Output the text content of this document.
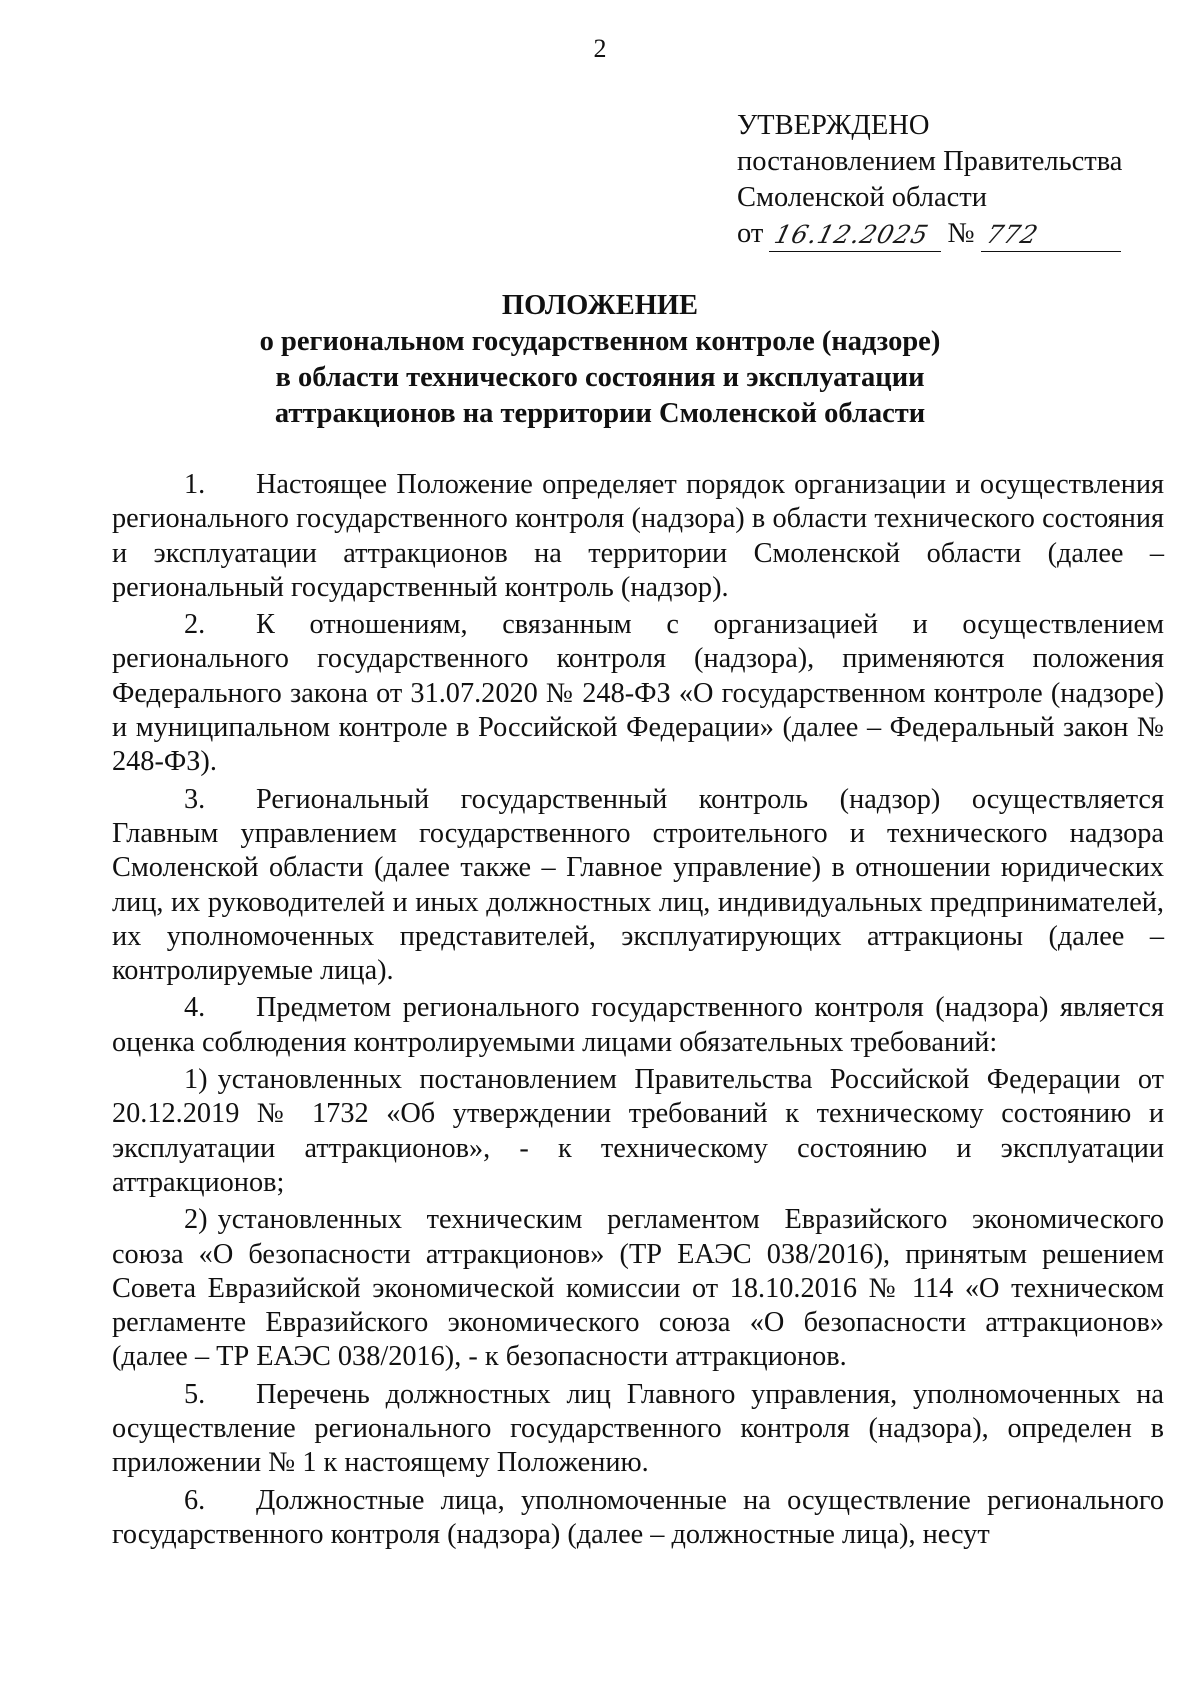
2
УТВЕРЖДЕНО
постановлением Правительства
Смоленской области
от 16.12.2025 № 772
ПОЛОЖЕНИЕ
о региональном государственном контроле (надзоре)
в области технического состояния и эксплуатации
аттракционов на территории Смоленской области

1. Настоящее Положение определяет порядок организации и осуществления регионального государственного контроля (надзора) в области технического состояния и эксплуатации аттракционов на территории Смоленской области (далее – региональный государственный контроль (надзор).

2. К отношениям, связанным с организацией и осуществлением регионального государственного контроля (надзора), применяются положения Федерального закона от 31.07.2020 № 248-ФЗ «О государственном контроле (надзоре) и муниципальном контроле в Российской Федерации» (далее – Федеральный закон № 248-ФЗ).

3. Региональный государственный контроль (надзор) осуществляется Главным управлением государственного строительного и технического надзора Смоленской области (далее также – Главное управление) в отношении юридических лиц, их руководителей и иных должностных лиц, индивидуальных предпринимателей, их уполномоченных представителей, эксплуатирующих аттракционы (далее – контролируемые лица).

4. Предметом регионального государственного контроля (надзора) является оценка соблюдения контролируемыми лицами обязательных требований:

1) установленных постановлением Правительства Российской Федерации от 20.12.2019 № 1732 «Об утверждении требований к техническому состоянию и эксплуатации аттракционов», - к техническому состоянию и эксплуатации аттракционов;

2) установленных техническим регламентом Евразийского экономического союза «О безопасности аттракционов» (ТР ЕАЭС 038/2016), принятым решением Совета Евразийской экономической комиссии от 18.10.2016 № 114 «О техническом регламенте Евразийского экономического союза «О безопасности аттракционов» (далее – ТР ЕАЭС 038/2016), - к безопасности аттракционов.

5. Перечень должностных лиц Главного управления, уполномоченных на осуществление регионального государственного контроля (надзора), определен в приложении № 1 к настоящему Положению.

6. Должностные лица, уполномоченные на осуществление регионального государственного контроля (надзора) (далее – должностные лица), несут
